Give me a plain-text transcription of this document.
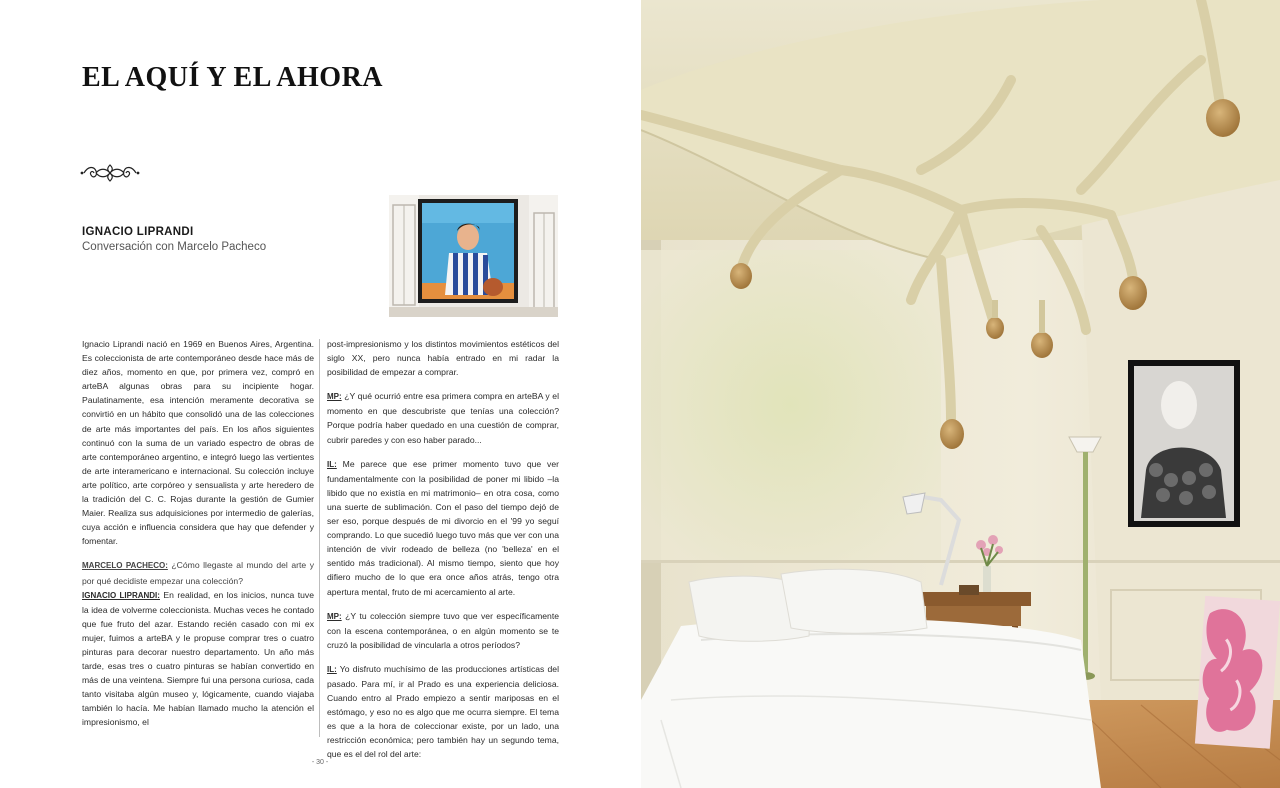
EL AQUÍ Y EL AHORA
IGNACIO LIPRANDI
Conversación con Marcelo Pacheco

Ignacio Liprandi nació en 1969 en Buenos Aires, Argentina. Es coleccionista de arte contemporáneo desde hace más de diez años, momento en que, por primera vez, compró en arteBA algunas obras para su incipiente hogar. Paulatinamente, esa intención meramente decorativa se convirtió en un hábito que consolidó una de las colecciones de arte más importantes del país. En los años siguientes continuó con la suma de un variado espectro de obras de arte contemporáneo argentino, e integró luego las vertientes de arte interamericano e internacional. Su colección incluye arte político, arte corpóreo y sensualista y arte heredero de la tradición del C. C. Rojas durante la gestión de Gumier Maier. Realiza sus adquisiciones por intermedio de galerías, cuya acción e influencia considera que hay que defender y fomentar.

MARCELO PACHECO: ¿Cómo llegaste al mundo del arte y por qué decidiste empezar una colección?

IGNACIO LIPRANDI: En realidad, en los inicios, nunca tuve la idea de volverme coleccionista. Muchas veces he contado que fue fruto del azar. Estando recién casado con mi ex mujer, fuimos a arteBA y le propuse comprar tres o cuatro pinturas para decorar nuestro departamento. Un año más tarde, esas tres o cuatro pinturas se habían convertido en más de una veintena. Siempre fui una persona curiosa, cada tanto visitaba algún museo y, lógicamente, cuando viajaba también lo hacía. Me habían llamado mucho la atención el impresionismo, el

post-impresionismo y los distintos movimientos estéticos del siglo XX, pero nunca había entrado en mi radar la posibilidad de empezar a comprar.

MP: ¿Y qué ocurrió entre esa primera compra en arteBA y el momento en que descubriste que tenías una colección? Porque podría haber quedado en una cuestión de comprar, cubrir paredes y con eso haber parado...

IL: Me parece que ese primer momento tuvo que ver fundamentalmente con la posibilidad de poner mi libido –la libido que no existía en mi matrimonio– en otra cosa, como una suerte de sublimación. Con el paso del tiempo dejó de ser eso, porque después de mi divorcio en el '99 yo seguí comprando. Lo que sucedió luego tuvo más que ver con una intención de vivir rodeado de belleza (no 'belleza' en el sentido más tradicional). Al mismo tiempo, siento que hoy difiero mucho de lo que era once años atrás, tengo otra apertura mental, fruto de mi acercamiento al arte.

MP: ¿Y tu colección siempre tuvo que ver específicamente con la escena contemporánea, o en algún momento se te cruzó la posibilidad de vincularla a otros períodos?

IL: Yo disfruto muchísimo de las producciones artísticas del pasado. Para mí, ir al Prado es una experiencia deliciosa. Cuando entro al Prado empiezo a sentir mariposas en el estómago, y eso no es algo que me ocurra siempre. El tema es que a la hora de coleccionar existe, por un lado, una restricción económica; pero también hay un segundo tema, que es el del rol del arte:

- 30 -
